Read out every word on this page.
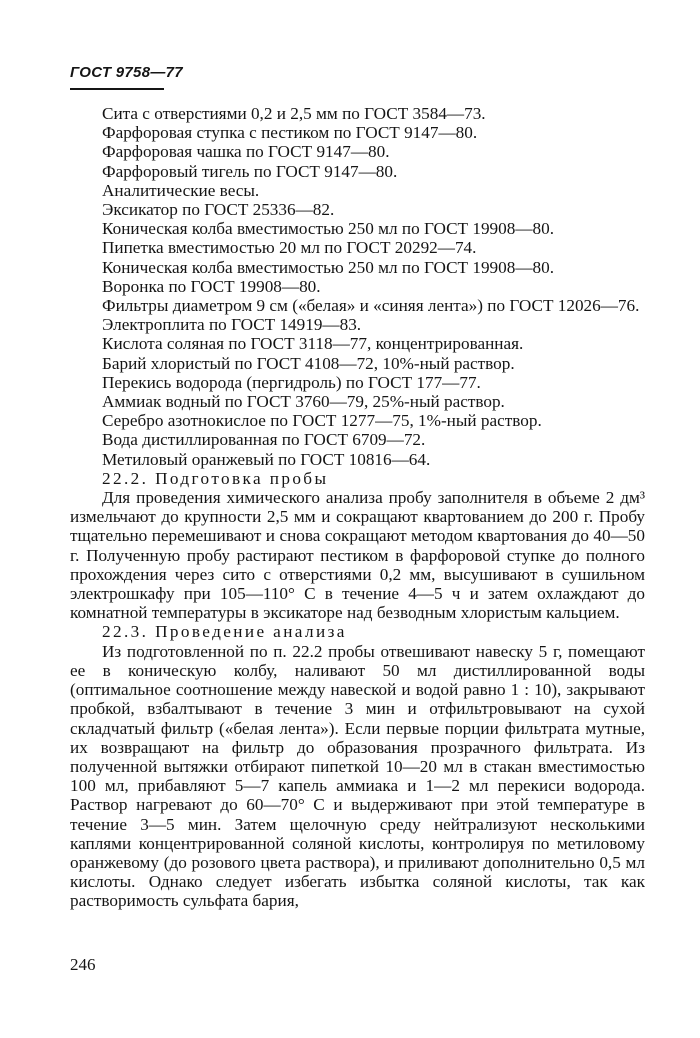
ГОСТ 9758—77

Сита с отверстиями 0,2 и 2,5 мм по ГОСТ 3584—73.

Фарфоровая ступка с пестиком по ГОСТ 9147—80.

Фарфоровая чашка по ГОСТ 9147—80.

Фарфоровый тигель по ГОСТ 9147—80.

Аналитические весы.

Эксикатор по ГОСТ 25336—82.

Коническая колба вместимостью 250 мл по ГОСТ 19908—80.

Пипетка вместимостью 20 мл по ГОСТ 20292—74.

Коническая колба вместимостью 250 мл по ГОСТ 19908—80.

Воронка по ГОСТ 19908—80.

Фильтры диаметром 9 см («белая» и «синяя лента») по ГОСТ 12026—76.

Электроплита по ГОСТ 14919—83.

Кислота соляная по ГОСТ 3118—77, концентрированная.

Барий хлористый по ГОСТ 4108—72, 10%-ный раствор.

Перекись водорода (пергидроль) по ГОСТ 177—77.

Аммиак водный по ГОСТ 3760—79, 25%-ный раствор.

Серебро азотнокислое по ГОСТ 1277—75, 1%-ный раствор.

Вода дистиллированная по ГОСТ 6709—72.

Метиловый оранжевый по ГОСТ 10816—64.

22.2. Подготовка пробы

Для проведения химического анализа пробу заполнителя в объеме 2 дм³ измельчают до крупности 2,5 мм и сокращают квартованием до 200 г. Пробу тщательно перемешивают и снова сокращают методом квартования до 40—50 г. Полученную пробу растирают пестиком в фарфоровой ступке до полного прохождения через сито с отверстиями 0,2 мм, высушивают в сушильном электрошкафу при 105—110° С в течение 4—5 ч и затем охлаждают до комнатной температуры в эксикаторе над безводным хлористым кальцием.

22.3. Проведение анализа

Из подготовленной по п. 22.2 пробы отвешивают навеску 5 г, помещают ее в коническую колбу, наливают 50 мл дистиллированной воды (оптимальное соотношение между навеской и водой равно 1 : 10), закрывают пробкой, взбалтывают в течение 3 мин и отфильтровывают на сухой складчатый фильтр («белая лента»). Если первые порции фильтрата мутные, их возвращают на фильтр до образования прозрачного фильтрата. Из полученной вытяжки отбирают пипеткой 10—20 мл в стакан вместимостью 100 мл, прибавляют 5—7 капель аммиака и 1—2 мл перекиси водорода. Раствор нагревают до 60—70° С и выдерживают при этой температуре в течение 3—5 мин. Затем щелочную среду нейтрализуют несколькими каплями концентрированной соляной кислоты, контролируя по метиловому оранжевому (до розового цвета раствора), и приливают дополнительно 0,5 мл кислоты. Однако следует избегать избытка соляной кислоты, так как растворимость сульфата бария,

246
